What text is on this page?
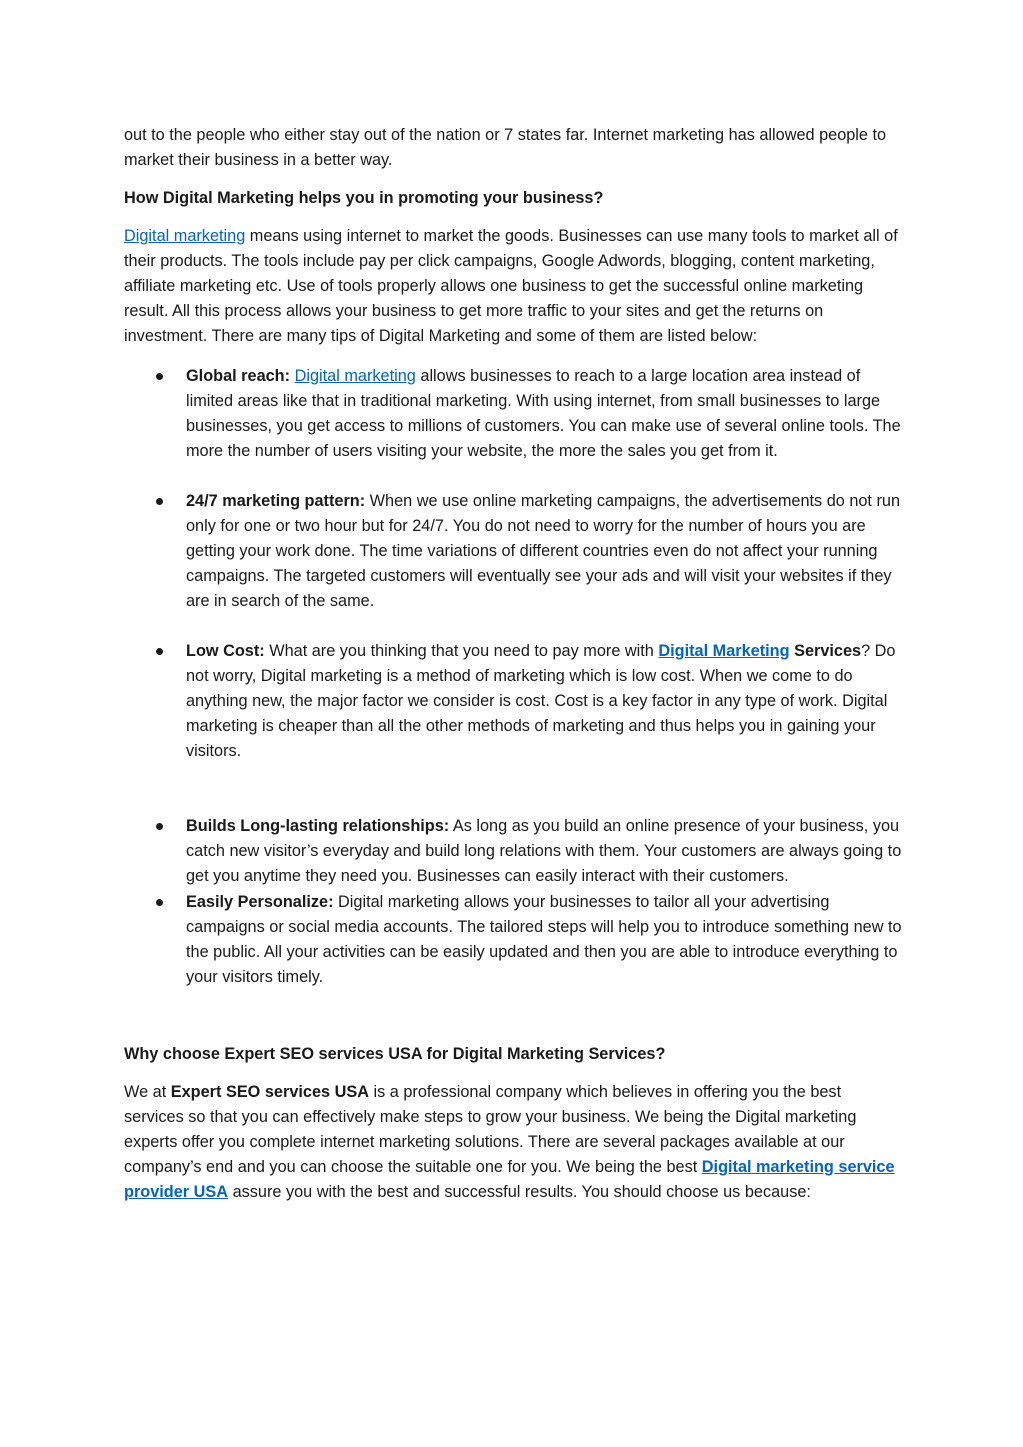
out to the people who either stay out of the nation or 7 states far. Internet marketing has allowed people to market their business in a better way.

How Digital Marketing helps you in promoting your business?

Digital marketing means using internet to market the goods. Businesses can use many tools to market all of their products. The tools include pay per click campaigns, Google Adwords, blogging, content marketing, affiliate marketing etc. Use of tools properly allows one business to get the successful online marketing result. All this process allows your business to get more traffic to your sites and get the returns on investment. There are many tips of Digital Marketing and some of them are listed below:

Global reach: Digital marketing allows businesses to reach to a large location area instead of limited areas like that in traditional marketing. With using internet, from small businesses to large businesses, you get access to millions of customers. You can make use of several online tools. The more the number of users visiting your website, the more the sales you get from it.
24/7 marketing pattern: When we use online marketing campaigns, the advertisements do not run only for one or two hour but for 24/7. You do not need to worry for the number of hours you are getting your work done. The time variations of different countries even do not affect your running campaigns. The targeted customers will eventually see your ads and will visit your websites if they are in search of the same.
Low Cost: What are you thinking that you need to pay more with Digital Marketing Services? Do not worry, Digital marketing is a method of marketing which is low cost. When we come to do anything new, the major factor we consider is cost. Cost is a key factor in any type of work. Digital marketing is cheaper than all the other methods of marketing and thus helps you in gaining your visitors.
Builds Long-lasting relationships: As long as you build an online presence of your business, you catch new visitor’s everyday and build long relations with them. Your customers are always going to get you anytime they need you. Businesses can easily interact with their customers.
Easily Personalize: Digital marketing allows your businesses to tailor all your advertising campaigns or social media accounts. The tailored steps will help you to introduce something new to the public. All your activities can be easily updated and then you are able to introduce everything to your visitors timely.

Why choose Expert SEO services USA for Digital Marketing Services?

We at Expert SEO services USA is a professional company which believes in offering you the best services so that you can effectively make steps to grow your business. We being the Digital marketing experts offer you complete internet marketing solutions. There are several packages available at our company’s end and you can choose the suitable one for you. We being the best Digital marketing service provider USA assure you with the best and successful results. You should choose us because:
